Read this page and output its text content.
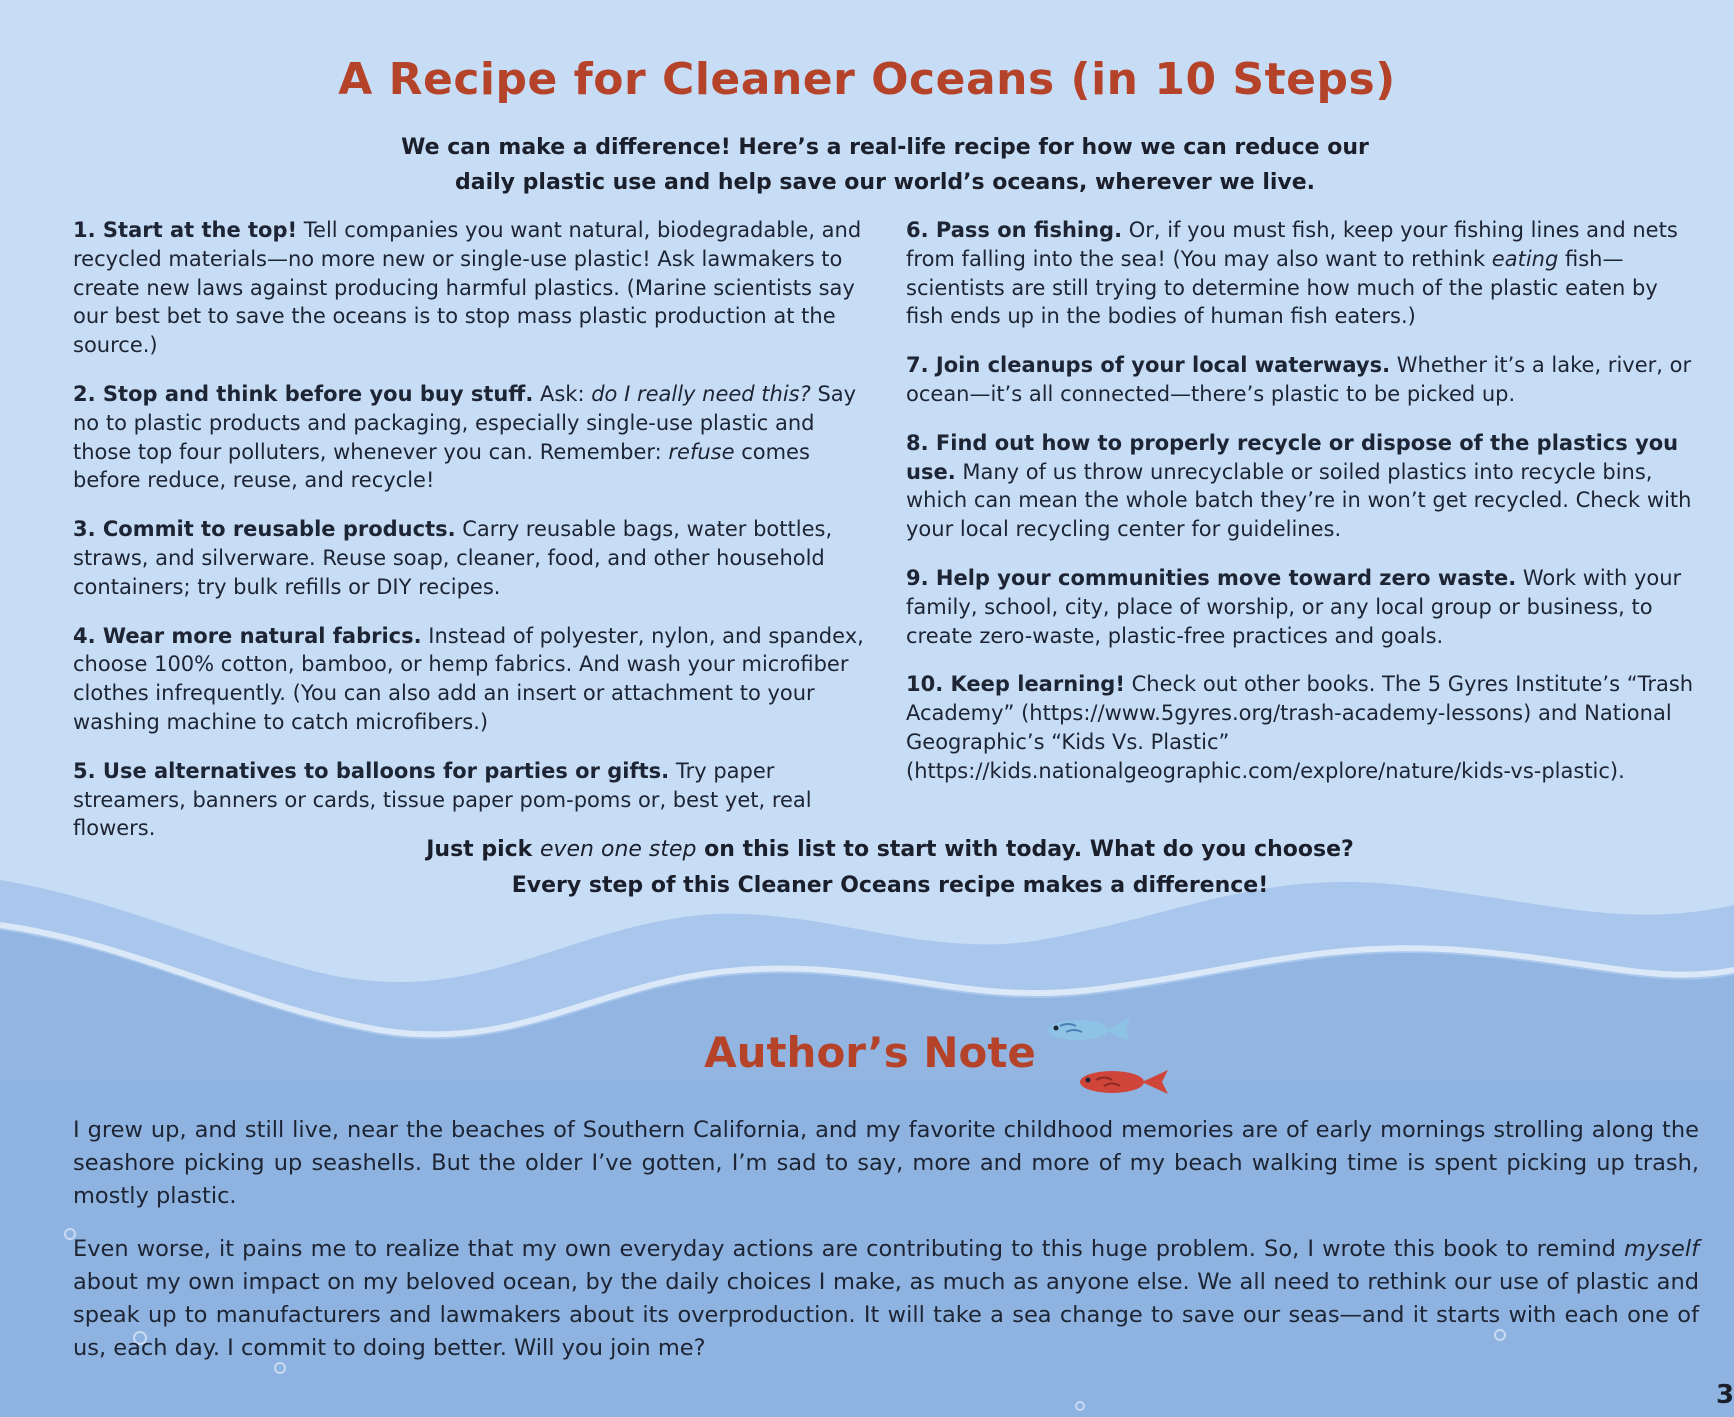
A Recipe for Cleaner Oceans (in 10 Steps)
We can make a difference! Here’s a real-life recipe for how we can reduce our
daily plastic use and help save our world’s oceans, wherever we live.

1. Start at the top! Tell companies you want natural, biodegradable, and recycled materials—no more new or single-use plastic! Ask lawmakers to create new laws against producing harmful plastics. (Marine scientists say our best bet to save the oceans is to stop mass plastic production at the source.)

2. Stop and think before you buy stuff. Ask: do I really need this? Say no to plastic products and packaging, especially single-use plastic and those top four polluters, whenever you can. Remember: refuse comes before reduce, reuse, and recycle!

3. Commit to reusable products. Carry reusable bags, water bottles, straws, and silverware. Reuse soap, cleaner, food, and other household containers; try bulk refills or DIY recipes.

4. Wear more natural fabrics. Instead of polyester, nylon, and spandex, choose 100% cotton, bamboo, or hemp fabrics. And wash your microfiber clothes infrequently. (You can also add an insert or attachment to your washing machine to catch microfibers.)

5. Use alternatives to balloons for parties or gifts. Try paper streamers, banners or cards, tissue paper pom-poms or, best yet, real flowers.

6. Pass on fishing. Or, if you must fish, keep your fishing lines and nets from falling into the sea! (You may also want to rethink eating fish—scientists are still trying to determine how much of the plastic eaten by fish ends up in the bodies of human fish eaters.)

7. Join cleanups of your local waterways. Whether it’s a lake, river, or ocean—it’s all connected—there’s plastic to be picked up.

8. Find out how to properly recycle or dispose of the plastics you use. Many of us throw unrecyclable or soiled plastics into recycle bins, which can mean the whole batch they’re in won’t get recycled. Check with your local recycling center for guidelines.

9. Help your communities move toward zero waste. Work with your family, school, city, place of worship, or any local group or business, to create zero-waste, plastic-free practices and goals.

10. Keep learning! Check out other books. The 5 Gyres Institute’s “Trash Academy” (https://www.5gyres.org/trash-academy-lessons) and National Geographic’s “Kids Vs. Plastic” (https://kids.nationalgeographic.com/explore/nature/kids-vs-plastic).

Just pick even one step on this list to start with today. What do you choose?
Every step of this Cleaner Oceans recipe makes a difference!
Author’s Note

I grew up, and still live, near the beaches of Southern California, and my favorite childhood memories are of early mornings strolling along the seashore picking up seashells. But the older I’ve gotten, I’m sad to say, more and more of my beach walking time is spent picking up trash, mostly plastic.

Even worse, it pains me to realize that my own everyday actions are contributing to this huge problem. So, I wrote this book to remind myself about my own impact on my beloved ocean, by the daily choices I make, as much as anyone else. We all need to rethink our use of plastic and speak up to manufacturers and lawmakers about its overproduction. It will take a sea change to save our seas—and it starts with each one of us, each day. I commit to doing better. Will you join me?

3
